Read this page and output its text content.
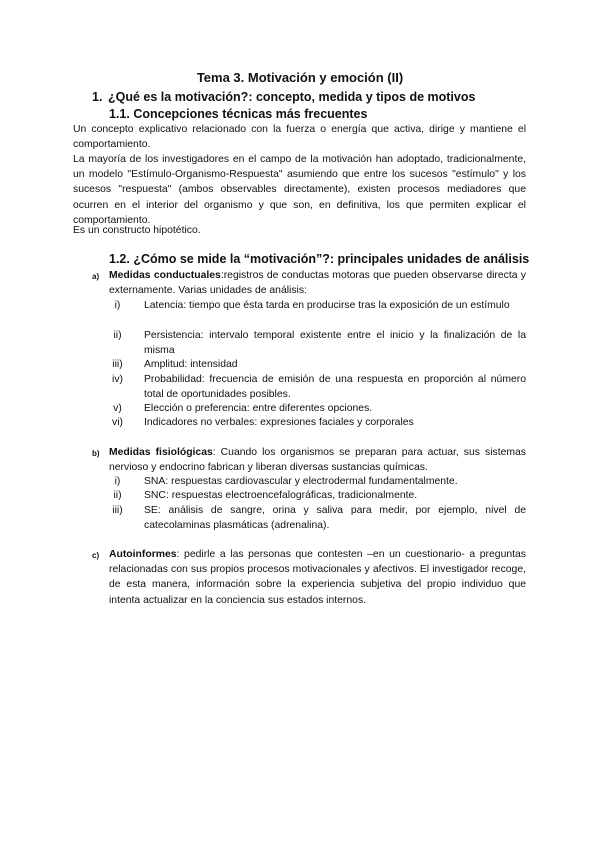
Tema 3. Motivación y emoción (II)
1. ¿Qué es la motivación?: concepto, medida y tipos de motivos
1.1. Concepciones técnicas más frecuentes
Un concepto explicativo relacionado con la fuerza o energía que activa, dirige y mantiene el comportamiento.
La mayoría de los investigadores en el campo de la motivación han adoptado, tradicionalmente, un modelo "Estímulo-Organismo-Respuesta" asumiendo que entre los sucesos "estímulo" y los sucesos "respuesta" (ambos observables directamente), existen procesos mediadores que ocurren en el interior del organismo y que son, en definitiva, los que permiten explicar el comportamiento.
Es un constructo hipotético.
1.2. ¿Cómo se mide la “motivación”?: principales unidades de análisis
a) Medidas conductuales:registros de conductas motoras que pueden observarse directa y externamente. Varias unidades de análisis:
i)	Latencia: tiempo que ésta tarda en producirse tras la exposición de un estímulo
ii)	Persistencia: intervalo temporal existente entre el inicio y la finalización de la misma
iii)	Amplitud: intensidad
iv) Probabilidad: frecuencia de emisión de una respuesta en proporción al número total de oportunidades posibles.
v)	Elección o preferencia: entre diferentes opciones.
vi) Indicadores no verbales: expresiones faciales y corporales
b) Medidas fisiológicas: Cuando los organismos se preparan para actuar, sus sistemas nervioso y endocrino fabrican y liberan diversas sustancias químicas.
i)	SNA: respuestas cardiovascular y electrodermal fundamentalmente.
ii)	SNC: respuestas electroencefalográficas, tradicionalmente.
iii)	SE: análisis de sangre, orina y saliva para medir, por ejemplo, nivel de catecolaminas plasmáticas (adrenalina).
c) Autoinformes: pedirle a las personas que contesten –en un cuestionario- a preguntas relacionadas con sus propios procesos motivacionales y afectivos. El investigador recoge, de esta manera, información sobre la experiencia subjetiva del propio individuo que intenta actualizar en la conciencia sus estados internos.
